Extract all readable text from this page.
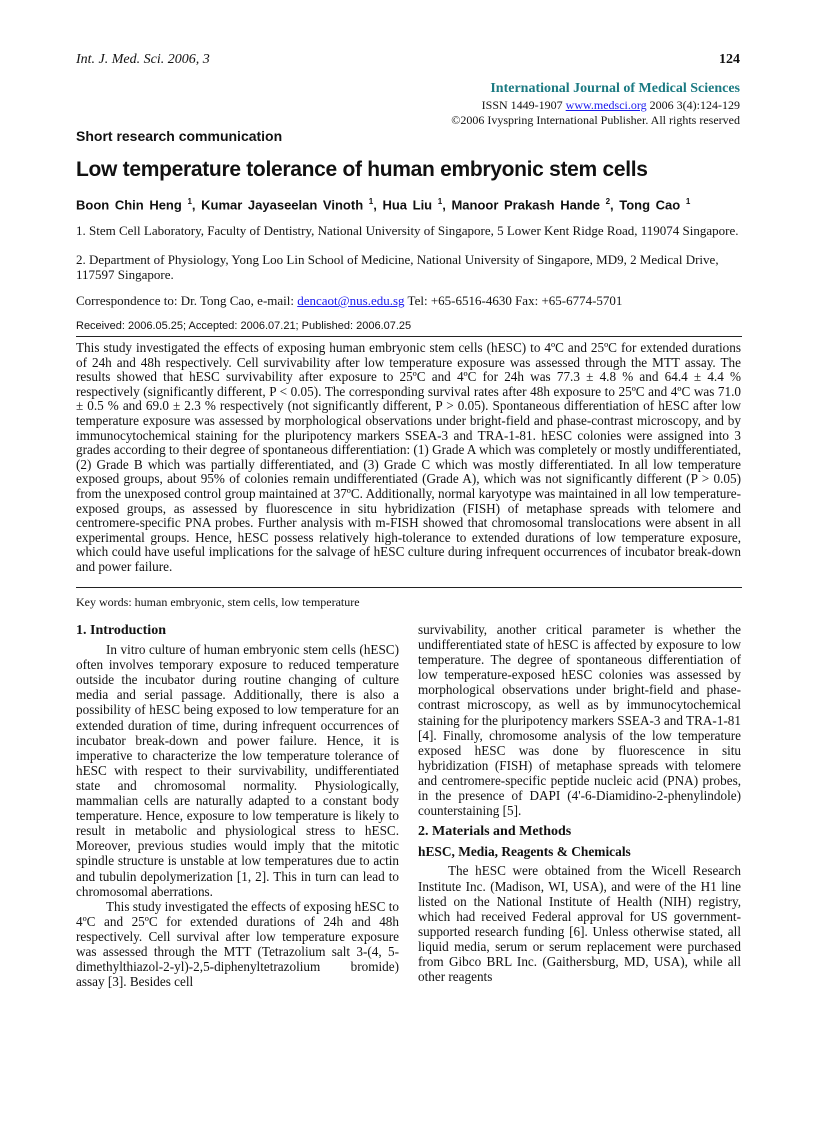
Int. J. Med. Sci. 2006, 3	124
International Journal of Medical Sciences
ISSN 1449-1907 www.medsci.org 2006 3(4):124-129
©2006 Ivyspring International Publisher. All rights reserved
Short research communication
Low temperature tolerance of human embryonic stem cells
Boon Chin Heng $^1$, Kumar Jayaseelan Vinoth $^1$, Hua Liu $^1$, Manoor Prakash Hande $^2$, Tong Cao $^1$
1. Stem Cell Laboratory, Faculty of Dentistry, National University of Singapore, 5 Lower Kent Ridge Road, 119074 Singapore.
2. Department of Physiology, Yong Loo Lin School of Medicine, National University of Singapore, MD9, 2 Medical Drive, 117597 Singapore.
Correspondence to: Dr. Tong Cao, e-mail: dencaot@nus.edu.sg Tel: +65-6516-4630 Fax: +65-6774-5701
Received: 2006.05.25; Accepted: 2006.07.21; Published: 2006.07.25
This study investigated the effects of exposing human embryonic stem cells (hESC) to 4ºC and 25ºC for extended durations of 24h and 48h respectively. Cell survivability after low temperature exposure was assessed through the MTT assay. The results showed that hESC survivability after exposure to 25ºC and 4ºC for 24h was 77.3 ± 4.8 % and 64.4 ± 4.4 % respectively (significantly different, P < 0.05). The corresponding survival rates after 48h exposure to 25ºC and 4ºC was 71.0 ± 0.5 % and 69.0 ± 2.3 % respectively (not significantly different, P > 0.05). Spontaneous differentiation of hESC after low temperature exposure was assessed by morphological observations under bright-field and phase-contrast microscopy, and by immunocytochemical staining for the pluripotency markers SSEA-3 and TRA-1-81. hESC colonies were assigned into 3 grades according to their degree of spontaneous differentiation: (1) Grade A which was completely or mostly undifferentiated, (2) Grade B which was partially differentiated, and (3) Grade C which was mostly differentiated. In all low temperature exposed groups, about 95% of colonies remain undifferentiated (Grade A), which was not significantly different (P > 0.05) from the unexposed control group maintained at 37ºC. Additionally, normal karyotype was maintained in all low temperature-exposed groups, as assessed by fluorescence in situ hybridization (FISH) of metaphase spreads with telomere and centromere-specific PNA probes. Further analysis with m-FISH showed that chromosomal translocations were absent in all experimental groups. Hence, hESC possess relatively high-tolerance to extended durations of low temperature exposure, which could have useful implications for the salvage of hESC culture during infrequent occurrences of incubator break-down and power failure.
Key words: human embryonic, stem cells, low temperature

1. Introduction

In vitro culture of human embryonic stem cells (hESC) often involves temporary exposure to reduced temperature outside the incubator during routine changing of culture media and serial passage. Additionally, there is also a possibility of hESC being exposed to low temperature for an extended duration of time, during infrequent occurrences of incubator break-down and power failure. Hence, it is imperative to characterize the low temperature tolerance of hESC with respect to their survivability, undifferentiated state and chromosomal normality. Physiologically, mammalian cells are naturally adapted to a constant body temperature. Hence, exposure to low temperature is likely to result in metabolic and physiological stress to hESC. Moreover, previous studies would imply that the mitotic spindle structure is unstable at low temperatures due to actin and tubulin depolymerization [1, 2]. This in turn can lead to chromosomal aberrations.

This study investigated the effects of exposing hESC to 4ºC and 25ºC for extended durations of 24h and 48h respectively. Cell survival after low temperature exposure was assessed through the MTT (Tetrazolium salt 3-(4, 5-dimethylthiazol-2-yl)-2,5-diphenyltetrazolium bromide) assay [3]. Besides cell

survivability, another critical parameter is whether the undifferentiated state of hESC is affected by exposure to low temperature. The degree of spontaneous differentiation of low temperature-exposed hESC colonies was assessed by morphological observations under bright-field and phase-contrast microscopy, as well as by immunocytochemical staining for the pluripotency markers SSEA-3 and TRA-1-81 [4]. Finally, chromosome analysis of the low temperature exposed hESC was done by fluorescence in situ hybridization (FISH) of metaphase spreads with telomere and centromere-specific peptide nucleic acid (PNA) probes, in the presence of DAPI (4'-6-Diamidino-2-phenylindole) counterstaining [5].

2. Materials and Methods

hESC, Media, Reagents & Chemicals

The hESC were obtained from the Wicell Research Institute Inc. (Madison, WI, USA), and were of the H1 line listed on the National Institute of Health (NIH) registry, which had received Federal approval for US government-supported research funding [6]. Unless otherwise stated, all liquid media, serum or serum replacement were purchased from Gibco BRL Inc. (Gaithersburg, MD, USA), while all other reagents
